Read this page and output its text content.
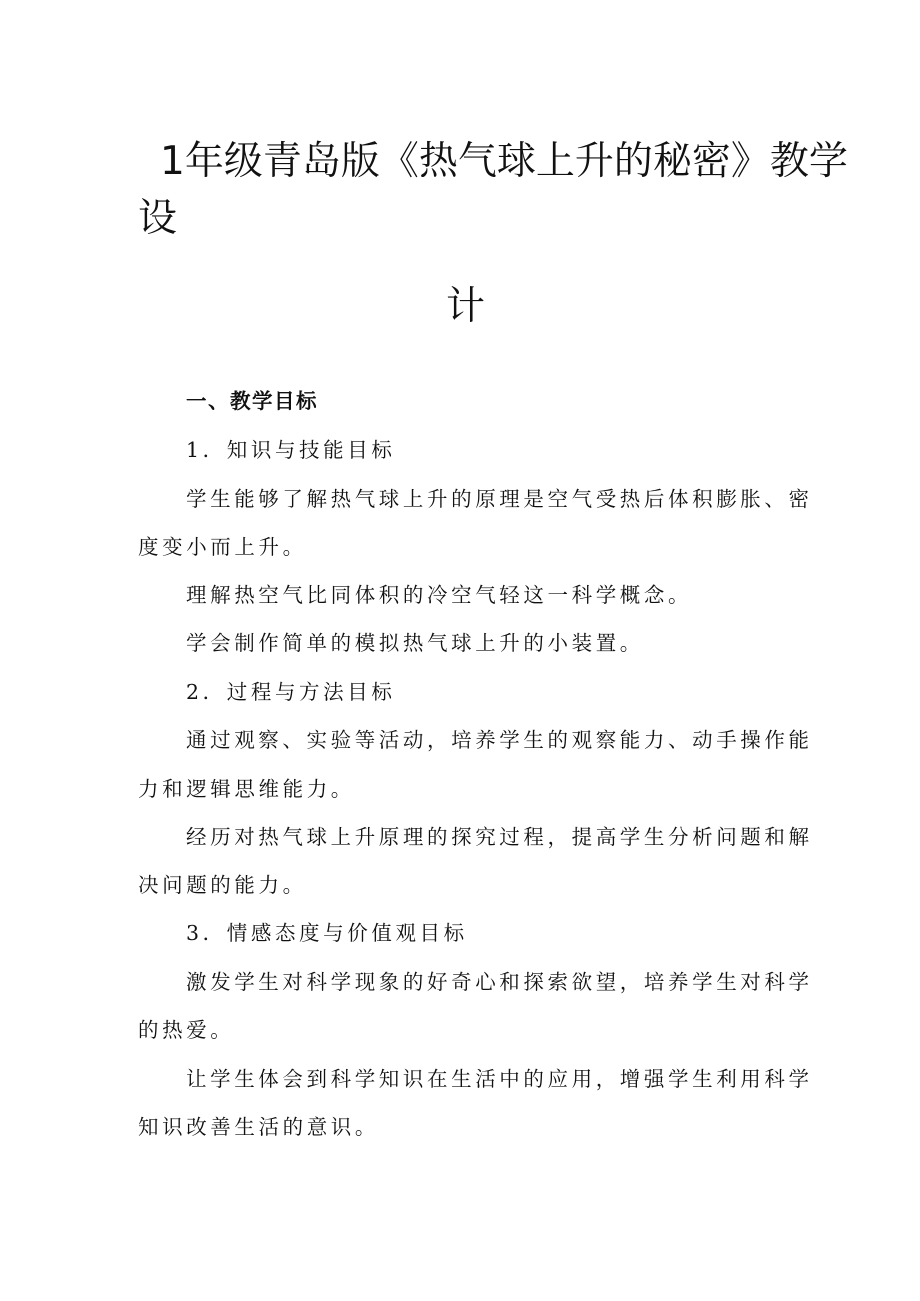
1年级青岛版《热气球上升的秘密》教学
设
计

一、教学目标

1．知识与技能目标

学生能够了解热气球上升的原理是空气受热后体积膨胀、密

度变小而上升。

理解热空气比同体积的冷空气轻这一科学概念。

学会制作简单的模拟热气球上升的小装置。

2．过程与方法目标

通过观察、实验等活动，培养学生的观察能力、动手操作能

力和逻辑思维能力。

经历对热气球上升原理的探究过程，提高学生分析问题和解

决问题的能力。

3．情感态度与价值观目标

激发学生对科学现象的好奇心和探索欲望，培养学生对科学

的热爱。

让学生体会到科学知识在生活中的应用，增强学生利用科学

知识改善生活的意识。
